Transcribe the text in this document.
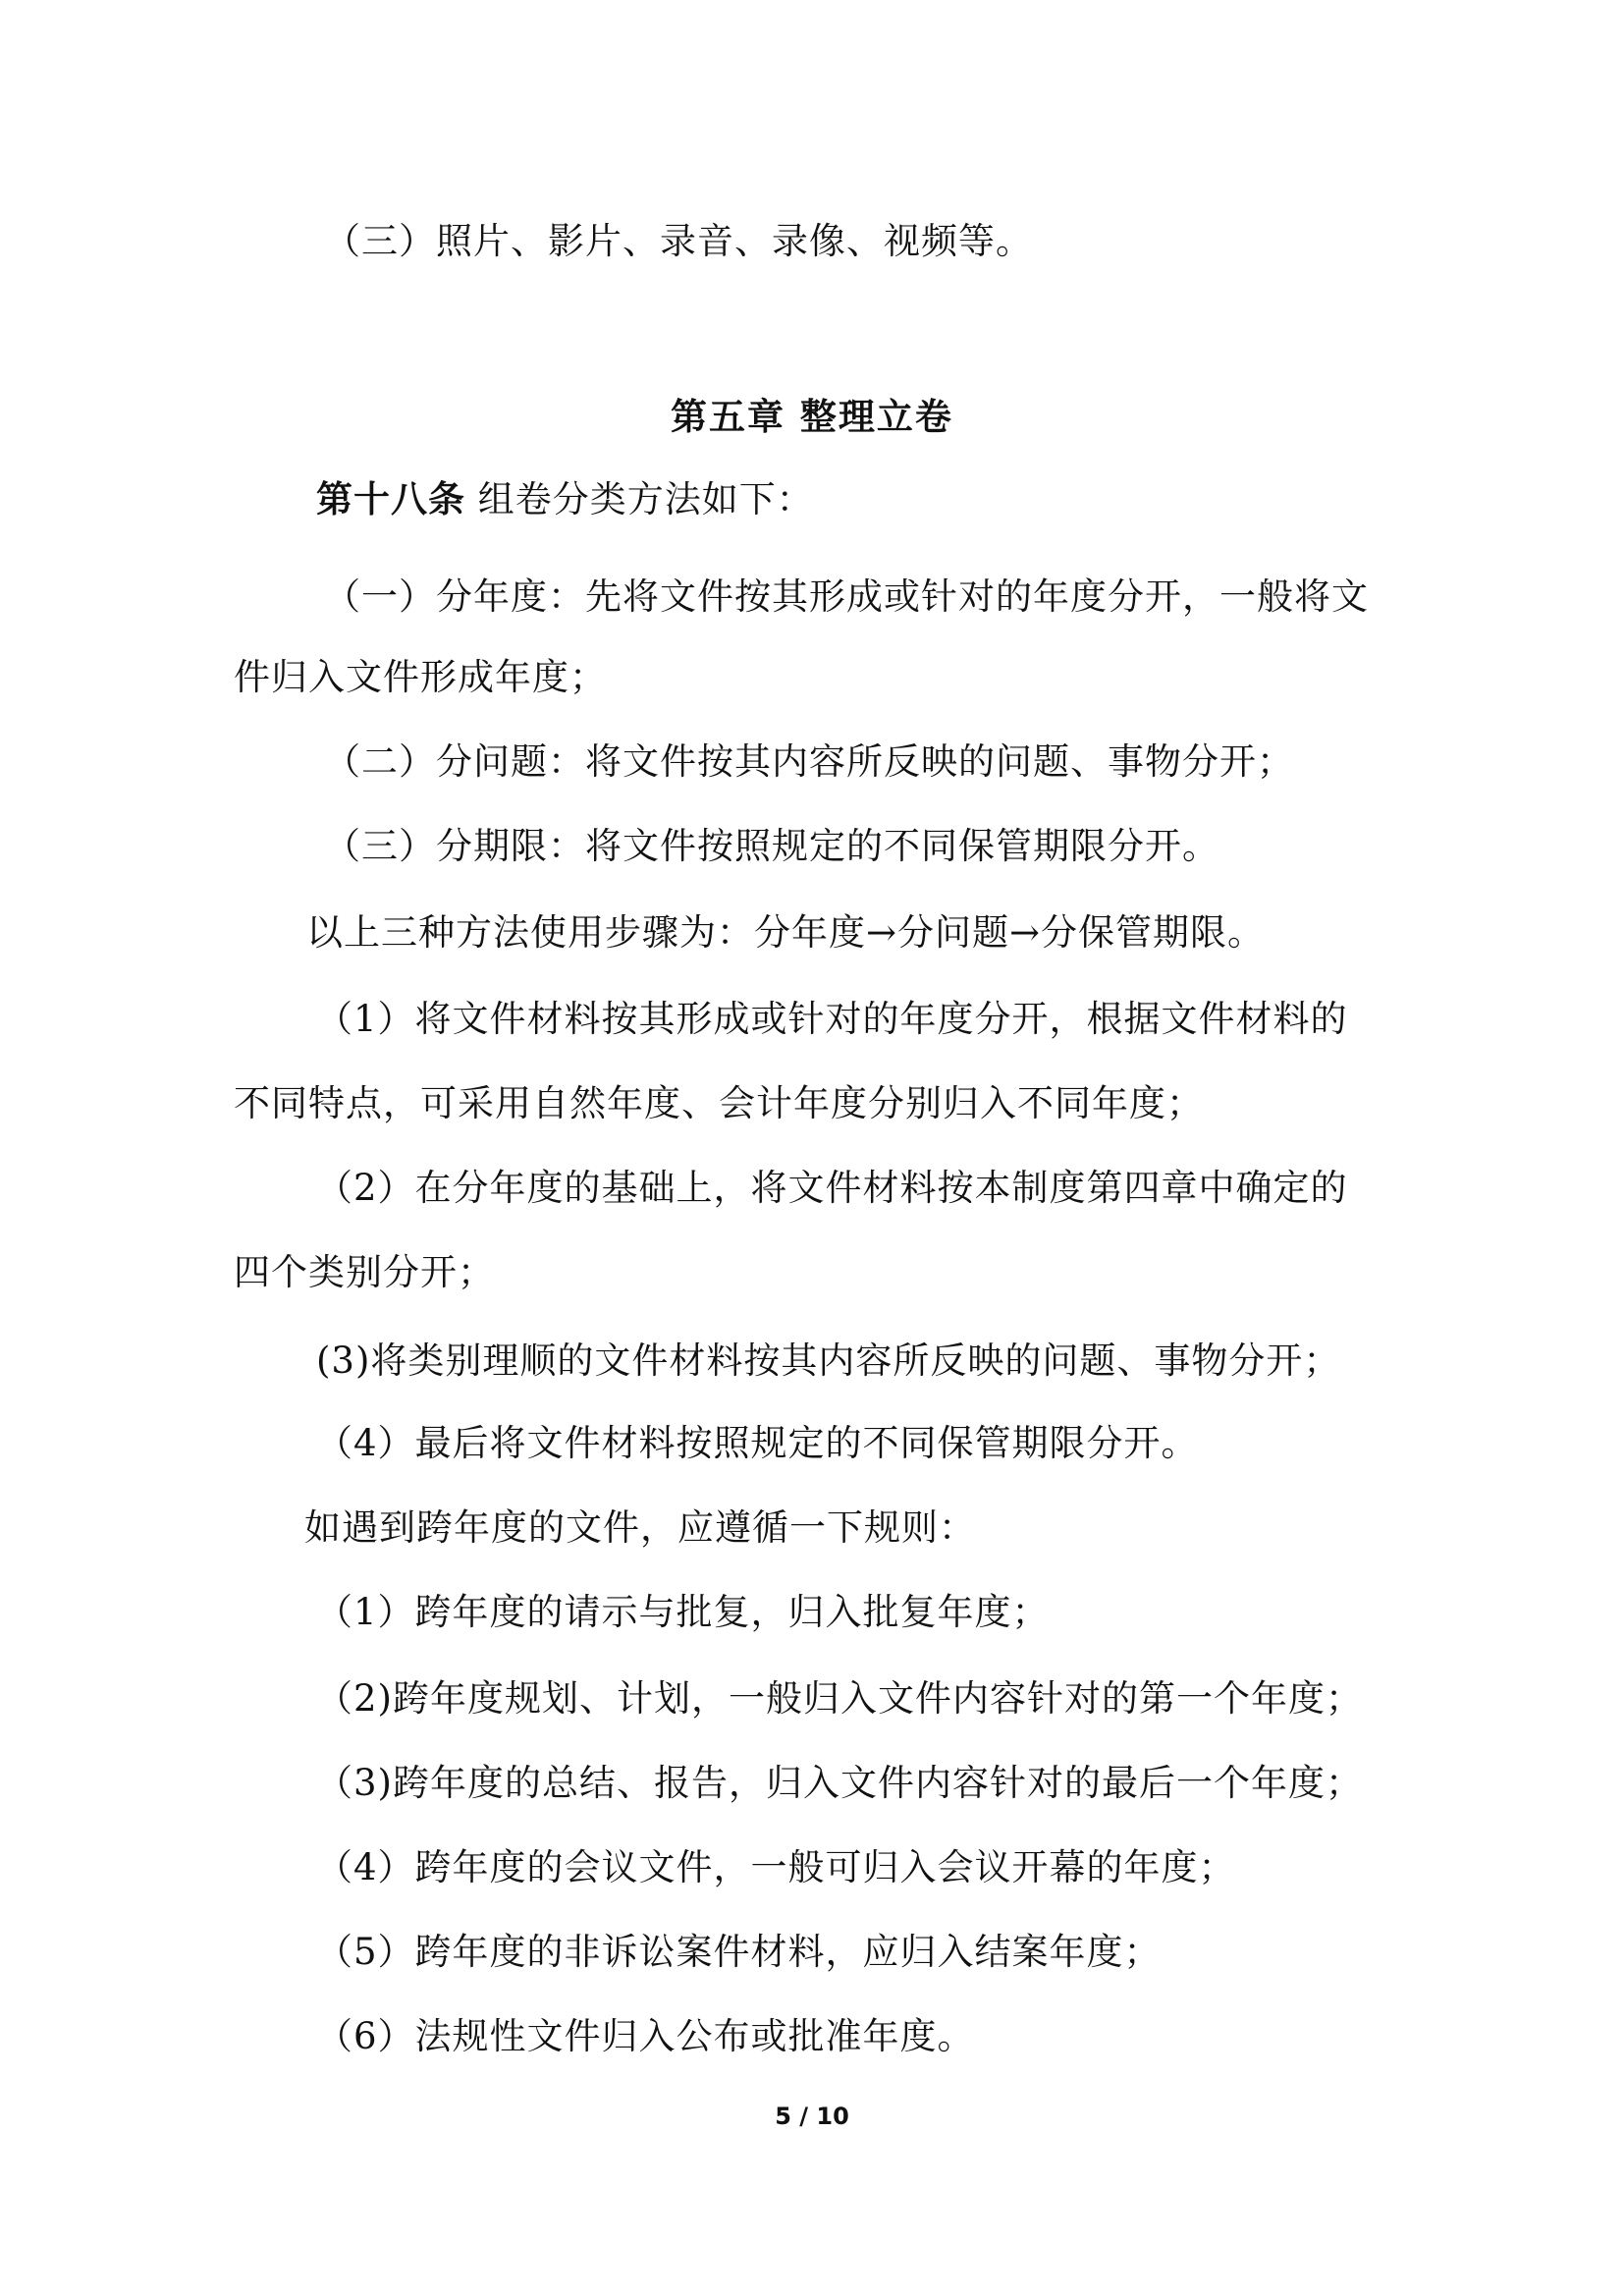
（三）照片、影片、录音、录像、视频等。
第五章 整理立卷
第十八条 组卷分类方法如下：
（一）分年度：先将文件按其形成或针对的年度分开，一般将文
件归入文件形成年度；
（二）分问题：将文件按其内容所反映的问题、事物分开；
（三）分期限：将文件按照规定的不同保管期限分开。
以上三种方法使用步骤为：分年度→分问题→分保管期限。
（1）将文件材料按其形成或针对的年度分开，根据文件材料的
不同特点，可采用自然年度、会计年度分别归入不同年度；
（2）在分年度的基础上，将文件材料按本制度第四章中确定的
四个类别分开；
(3)将类别理顺的文件材料按其内容所反映的问题、事物分开；
（4）最后将文件材料按照规定的不同保管期限分开。
如遇到跨年度的文件，应遵循一下规则：
（1）跨年度的请示与批复，归入批复年度；
（2)跨年度规划、计划，一般归入文件内容针对的第一个年度；
（3)跨年度的总结、报告，归入文件内容针对的最后一个年度；
（4）跨年度的会议文件，一般可归入会议开幕的年度；
（5）跨年度的非诉讼案件材料，应归入结案年度；
（6）法规性文件归入公布或批准年度。
5 / 10
